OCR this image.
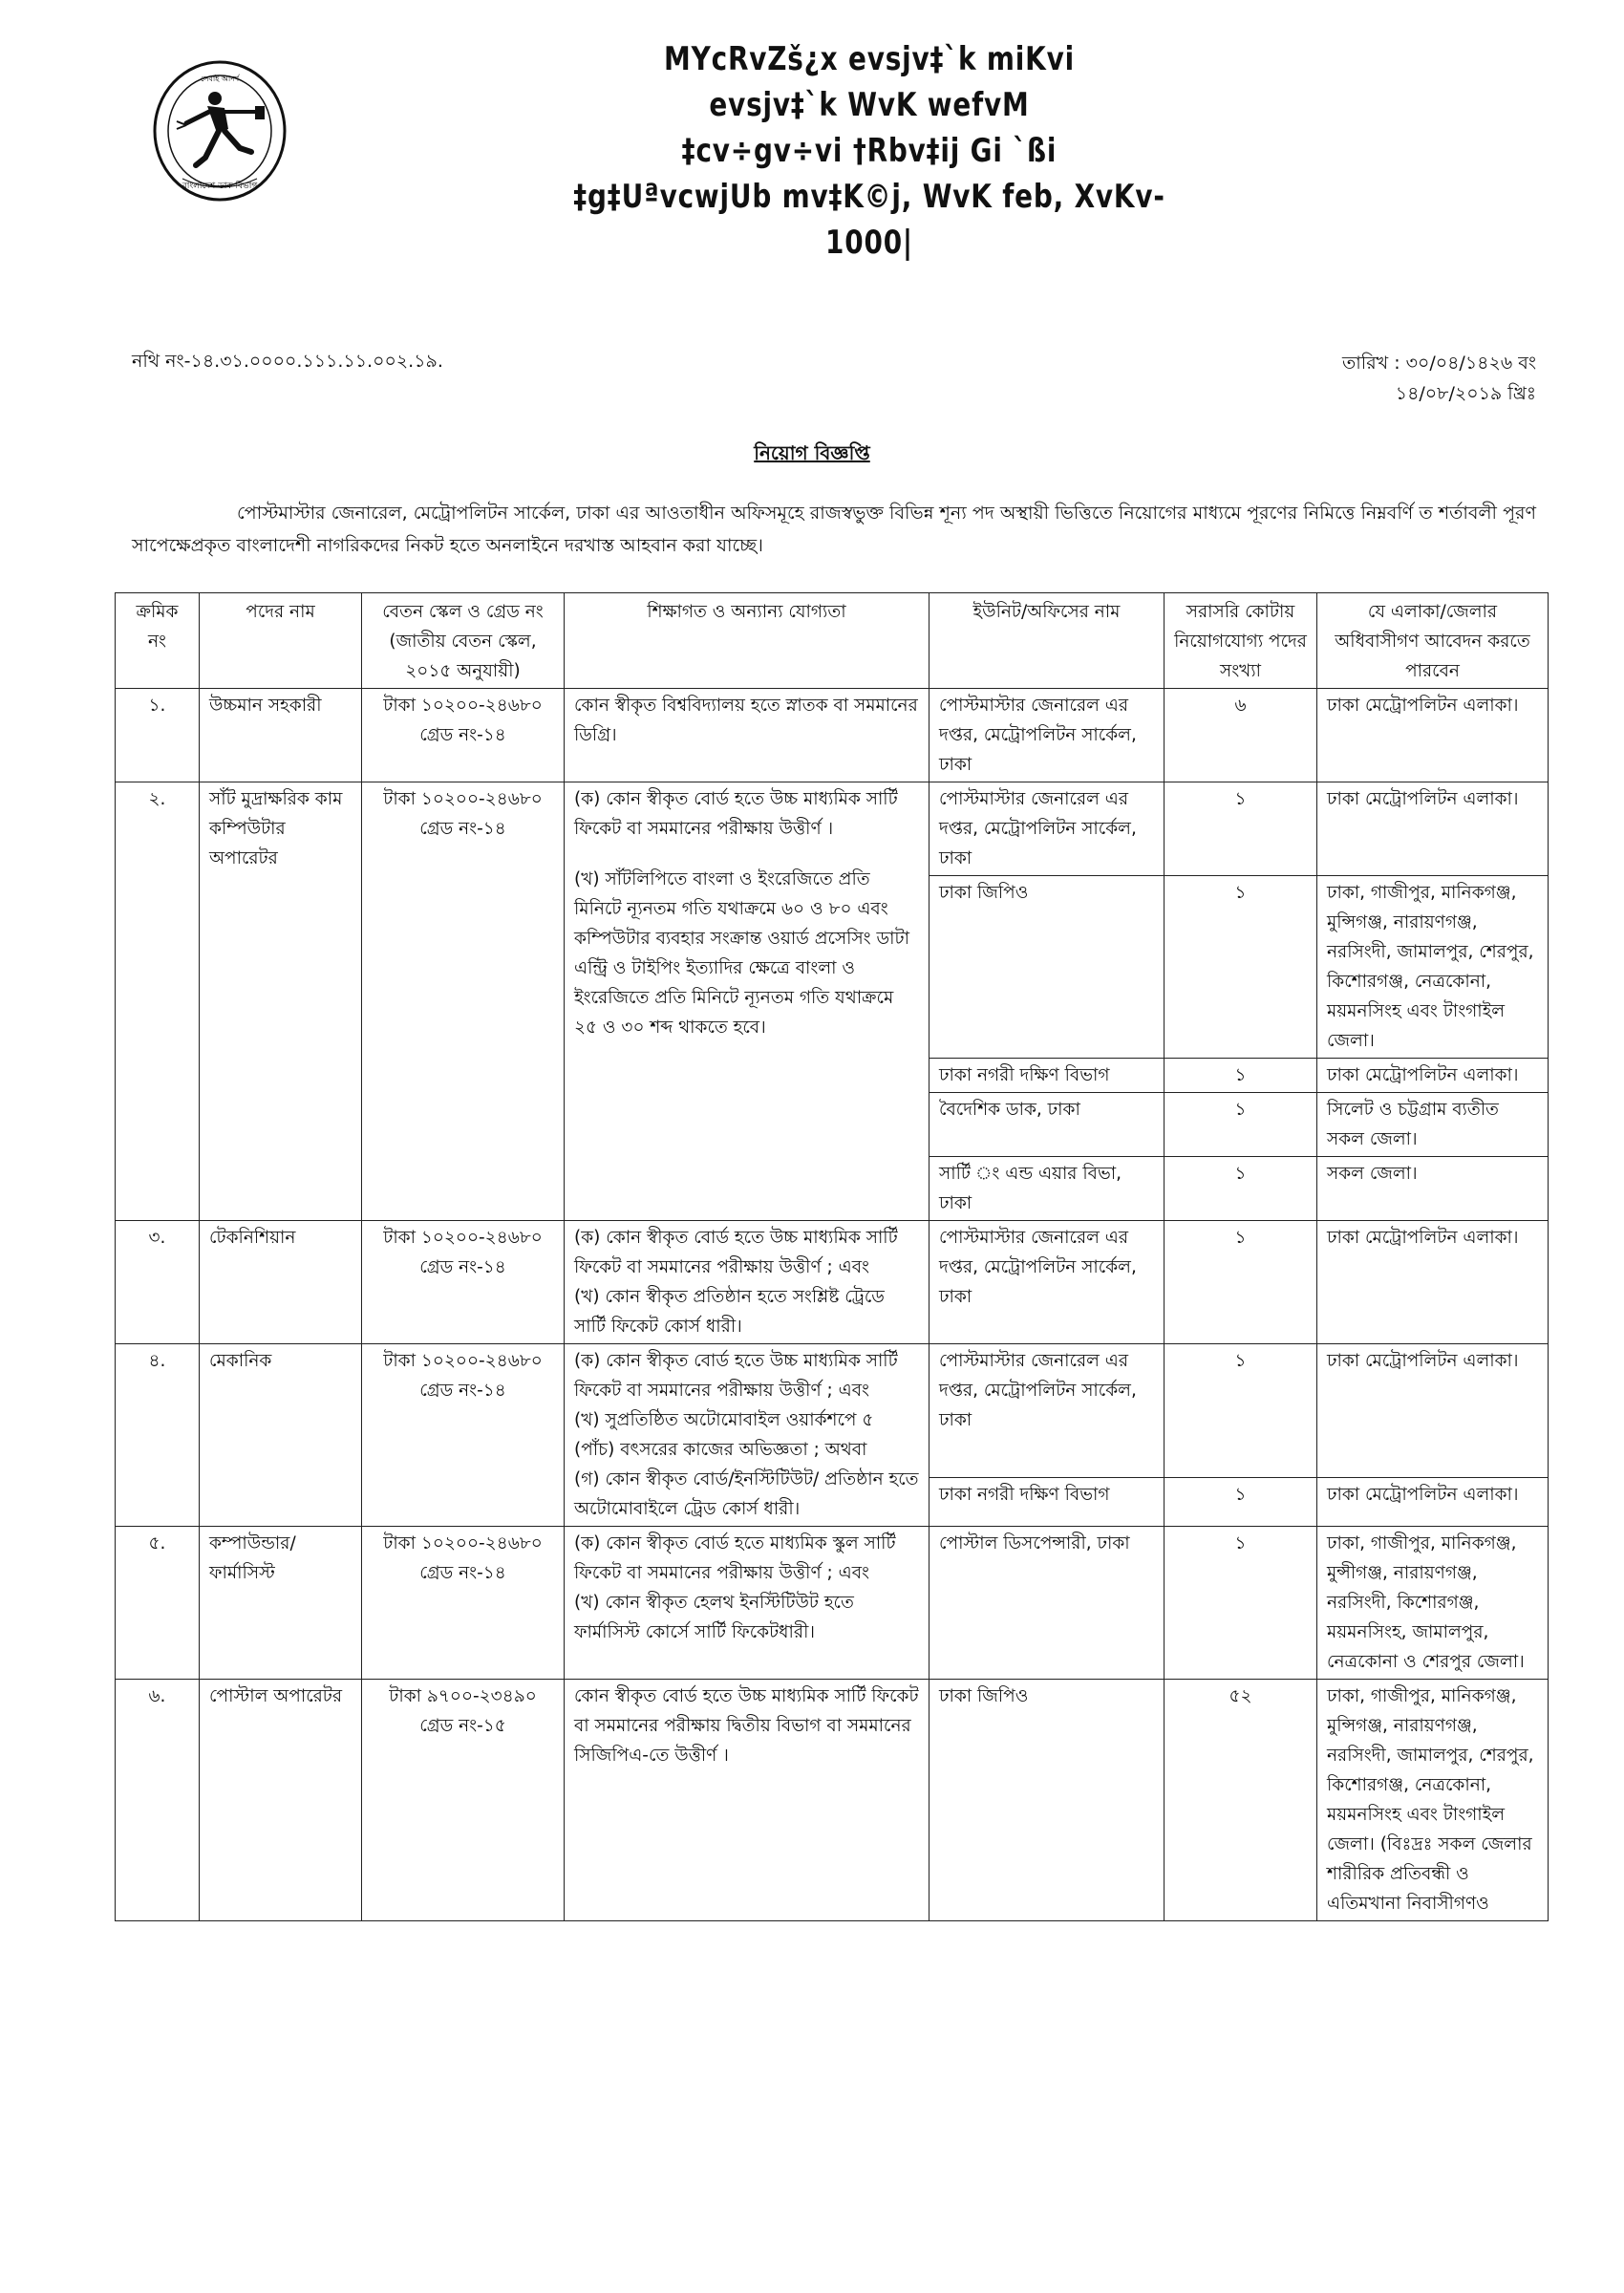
বাংলাদেশ ডাক বিভাগ
সেবাই আদর্শ
MYcRvZš¿x evsjv‡`k miKvi
evsjv‡`k WvK wefvM
‡cv÷gv÷vi †Rbv‡ij Gi `ßi
‡g‡UªvcwjUb mv‡K©j, WvK feb, XvKv-1000|
নথি নং-১৪.৩১.০০০০.১১১.১১.০০২.১৯.	তারিখ : ৩০/০৪/১৪২৬ বং
১৪/০৮/২০১৯ খ্রিঃ
নিয়োগ বিজ্ঞপ্তি
পোস্টমাস্টার জেনারেল, মেট্রোপলিটন সার্কেল, ঢাকা এর আওতাধীন অফিসমূহে রাজস্বভুক্ত বিভিন্ন শূন্য পদ অস্থায়ী ভিত্তিতে নিয়োগের মাধ্যমে পূরণের নিমিত্তে নিম্নবর্ণি ত শর্তাবলী পূরণ সাপেক্ষেপ্রকৃত বাংলাদেশী নাগরিকদের নিকট হতে অনলাইনে দরখাস্ত আহবান করা যাচ্ছে।
ক্রমিক নং	পদের নাম	বেতন স্কেল ও গ্রেড নং (জাতীয় বেতন স্কেল, ২০১৫ অনুযায়ী)	শিক্ষাগত ও অন্যান্য যোগ্যতা	ইউনিট/অফিসের নাম	সরাসরি কোটায় নিয়োগযোগ্য পদের সংখ্যা	যে এলাকা/জেলার অধিবাসীগণ আবেদন করতে পারবেন
১.	উচ্চমান সহকারী	টাকা ১০২০০-২৪৬৮০ গ্রেড নং-১৪	কোন স্বীকৃত বিশ্ববিদ্যালয় হতে স্নাতক বা সমমানের ডিগ্রি।	পোস্টমাস্টার জেনারেল এর দপ্তর, মেট্রোপলিটন সার্কেল, ঢাকা	৬	ঢাকা মেট্রোপলিটন এলাকা।
২.	সাঁট মুদ্রাক্ষরিক কাম কম্পিউটার অপারেটর	টাকা ১০২০০-২৪৬৮০ গ্রেড নং-১৪	(ক) কোন স্বীকৃত বোর্ড হতে উচ্চ মাধ্যমিক সার্টি ফিকেট বা সমমানের পরীক্ষায় উত্তীর্ণ ।
(খ) সাঁটলিপিতে বাংলা ও ইংরেজিতে প্রতি মিনিটে ন্যূনতম গতি যথাক্রমে ৬০ ও ৮০ এবং কম্পিউটার ব্যবহার সংক্রান্ত ওয়ার্ড প্রসেসিং ডাটা এন্ট্রি ও টাইপিং ইত্যাদির ক্ষেত্রে বাংলা ও ইংরেজিতে প্রতি মিনিটে ন্যূনতম গতি যথাক্রমে ২৫ ও ৩০ শব্দ থাকতে হবে।	পোস্টমাস্টার জেনারেল এর দপ্তর, মেট্রোপলিটন সার্কেল, ঢাকা	১	ঢাকা মেট্রোপলিটন এলাকা।
				ঢাকা জিপিও	১	ঢাকা, গাজীপুর, মানিকগঞ্জ, মুন্সিগঞ্জ, নারায়ণগঞ্জ, নরসিংদী, জামালপুর, শেরপুর, কিশোরগঞ্জ, নেত্রকোনা, ময়মনসিংহ এবং টাংগাইল জেলা।
				ঢাকা নগরী দক্ষিণ বিভাগ	১	ঢাকা মেট্রোপলিটন এলাকা।
				বৈদেশিক ডাক, ঢাকা	১	সিলেট ও চট্টগ্রাম ব্যতীত সকল জেলা।
				সার্টি ং এন্ড এয়ার বিভা, ঢাকা	১	সকল জেলা।
৩.	টেকনিশিয়ান	টাকা ১০২০০-২৪৬৮০ গ্রেড নং-১৪	(ক) কোন স্বীকৃত বোর্ড হতে উচ্চ মাধ্যমিক সার্টি ফিকেট বা সমমানের পরীক্ষায় উত্তীর্ণ ; এবং
(খ) কোন স্বীকৃত প্রতিষ্ঠান হতে সংশ্লিষ্ট ট্রেডে সার্টি ফিকেট কোর্স ধারী।	পোস্টমাস্টার জেনারেল এর দপ্তর, মেট্রোপলিটন সার্কেল, ঢাকা	১	ঢাকা মেট্রোপলিটন এলাকা।
৪.	মেকানিক	টাকা ১০২০০-২৪৬৮০ গ্রেড নং-১৪	(ক) কোন স্বীকৃত বোর্ড হতে উচ্চ মাধ্যমিক সার্টি ফিকেট বা সমমানের পরীক্ষায় উত্তীর্ণ ; এবং
(খ) সুপ্রতিষ্ঠিত অটোমোবাইল ওয়ার্কশপে ৫ (পাঁচ) বৎসরের কাজের অভিজ্ঞতা ; অথবা
(গ) কোন স্বীকৃত বোর্ড/ইনস্টিটিউট/ প্রতিষ্ঠান হতে অটোমোবাইলে ট্রেড কোর্স ধারী।	পোস্টমাস্টার জেনারেল এর দপ্তর, মেট্রোপলিটন সার্কেল, ঢাকা	১	ঢাকা মেট্রোপলিটন এলাকা।
				ঢাকা নগরী দক্ষিণ বিভাগ	১	ঢাকা মেট্রোপলিটন এলাকা।
৫.	কম্পাউন্ডার/ ফার্মাসিস্ট	টাকা ১০২০০-২৪৬৮০ গ্রেড নং-১৪	(ক) কোন স্বীকৃত বোর্ড হতে মাধ্যমিক স্কুল সার্টি ফিকেট বা সমমানের পরীক্ষায় উত্তীর্ণ ; এবং
(খ) কোন স্বীকৃত হেলথ ইনস্টিটিউট হতে ফার্মাসিস্ট কোর্সে সার্টি ফিকেটধারী।	পোস্টাল ডিসপেন্সারী, ঢাকা	১	ঢাকা, গাজীপুর, মানিকগঞ্জ, মুন্সীগঞ্জ, নারায়ণগঞ্জ, নরসিংদী, কিশোরগঞ্জ, ময়মনসিংহ, জামালপুর, নেত্রকোনা ও শেরপুর জেলা।
৬.	পোস্টাল অপারেটর	টাকা ৯৭০০-২৩৪৯০ গ্রেড নং-১৫	কোন স্বীকৃত বোর্ড হতে উচ্চ মাধ্যমিক সার্টি ফিকেট বা সমমানের পরীক্ষায় দ্বিতীয় বিভাগ বা সমমানের সিজিপিএ-তে উত্তীর্ণ ।	ঢাকা জিপিও	৫২	ঢাকা, গাজীপুর, মানিকগঞ্জ, মুন্সিগঞ্জ, নারায়ণগঞ্জ, নরসিংদী, জামালপুর, শেরপুর, কিশোরগঞ্জ, নেত্রকোনা, ময়মনসিংহ এবং টাংগাইল জেলা। (বিঃদ্রঃ সকল জেলার শারীরিক প্রতিবন্ধী ও এতিমখানা নিবাসীগণও
